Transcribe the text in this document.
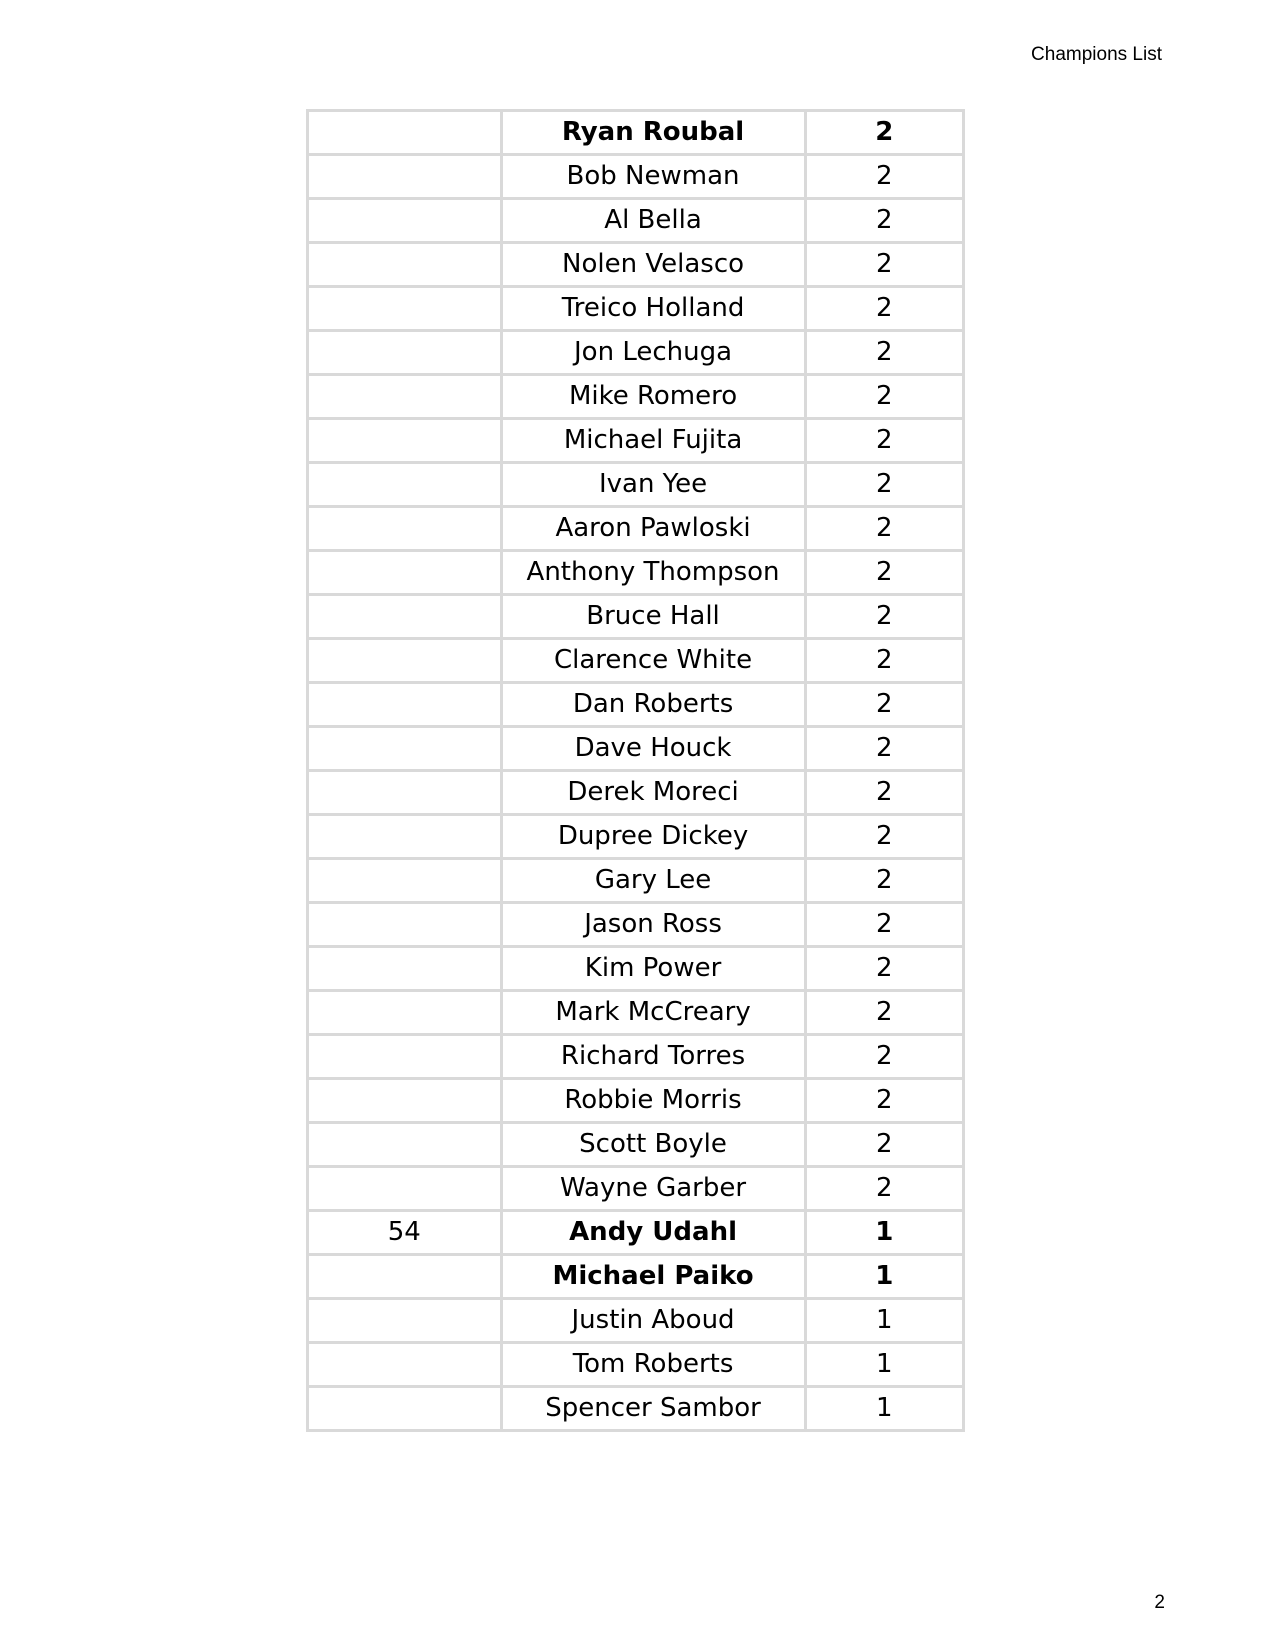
Champions List
	Ryan Roubal	2
	Bob Newman	2
	Al Bella	2
	Nolen Velasco	2
	Treico Holland	2
	Jon Lechuga	2
	Mike Romero	2
	Michael Fujita	2
	Ivan Yee	2
	Aaron Pawloski	2
	Anthony Thompson	2
	Bruce Hall	2
	Clarence White	2
	Dan Roberts	2
	Dave Houck	2
	Derek Moreci	2
	Dupree Dickey	2
	Gary Lee	2
	Jason Ross	2
	Kim Power	2
	Mark McCreary	2
	Richard Torres	2
	Robbie Morris	2
	Scott Boyle	2
	Wayne Garber	2
54	Andy Udahl	1
	Michael Paiko	1
	Justin Aboud	1
	Tom Roberts	1
	Spencer Sambor	1
2
